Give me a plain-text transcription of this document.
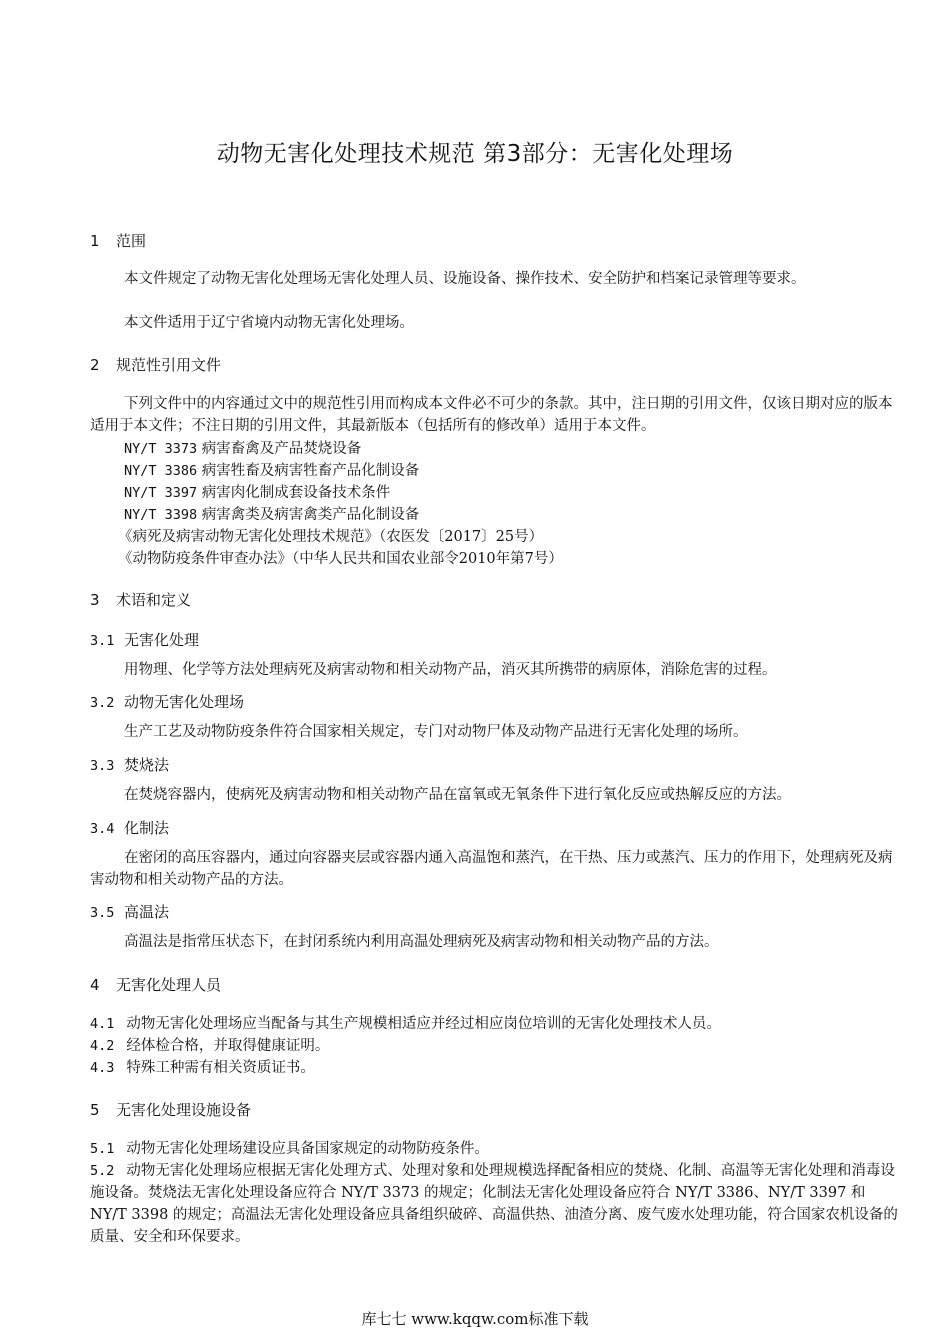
动物无害化处理技术规范 第3部分：无害化处理场
1 范围
本文件规定了动物无害化处理场无害化处理人员、设施设备、操作技术、安全防护和档案记录管理等要求。
本文件适用于辽宁省境内动物无害化处理场。
2 规范性引用文件
下列文件中的内容通过文中的规范性引用而构成本文件必不可少的条款。其中，注日期的引用文件，仅该日期对应的版本适用于本文件；不注日期的引用文件，其最新版本（包括所有的修改单）适用于本文件。
NY/T 3373 病害畜禽及产品焚烧设备
NY/T 3386 病害牲畜及病害牲畜产品化制设备
NY/T 3397 病害肉化制成套设备技术条件
NY/T 3398 病害禽类及病害禽类产品化制设备
《病死及病害动物无害化处理技术规范》（农医发〔2017〕25号）
《动物防疫条件审查办法》（中华人民共和国农业部令2010年第7号）
3 术语和定义
3.1 无害化处理
用物理、化学等方法处理病死及病害动物和相关动物产品，消灭其所携带的病原体，消除危害的过程。
3.2 动物无害化处理场
生产工艺及动物防疫条件符合国家相关规定，专门对动物尸体及动物产品进行无害化处理的场所。
3.3 焚烧法
在焚烧容器内，使病死及病害动物和相关动物产品在富氧或无氧条件下进行氧化反应或热解反应的方法。
3.4 化制法
在密闭的高压容器内，通过向容器夹层或容器内通入高温饱和蒸汽，在干热、压力或蒸汽、压力的作用下，处理病死及病害动物和相关动物产品的方法。
3.5 高温法
高温法是指常压状态下，在封闭系统内利用高温处理病死及病害动物和相关动物产品的方法。
4 无害化处理人员
4.1 动物无害化处理场应当配备与其生产规模相适应并经过相应岗位培训的无害化处理技术人员。
4.2 经体检合格，并取得健康证明。
4.3 特殊工种需有相关资质证书。
5 无害化处理设施设备
5.1 动物无害化处理场建设应具备国家规定的动物防疫条件。
5.2 动物无害化处理场应根据无害化处理方式、处理对象和处理规模选择配备相应的焚烧、化制、高温等无害化处理和消毒设施设备。焚烧法无害化处理设备应符合 NY/T 3373 的规定；化制法无害化处理设备应符合 NY/T 3386、NY/T 3397 和 NY/T 3398 的规定；高温法无害化处理设备应具备组织破碎、高温供热、油渣分离、废气废水处理功能，符合国家农机设备的质量、安全和环保要求。
库七七 www.kqqw.com标准下载
